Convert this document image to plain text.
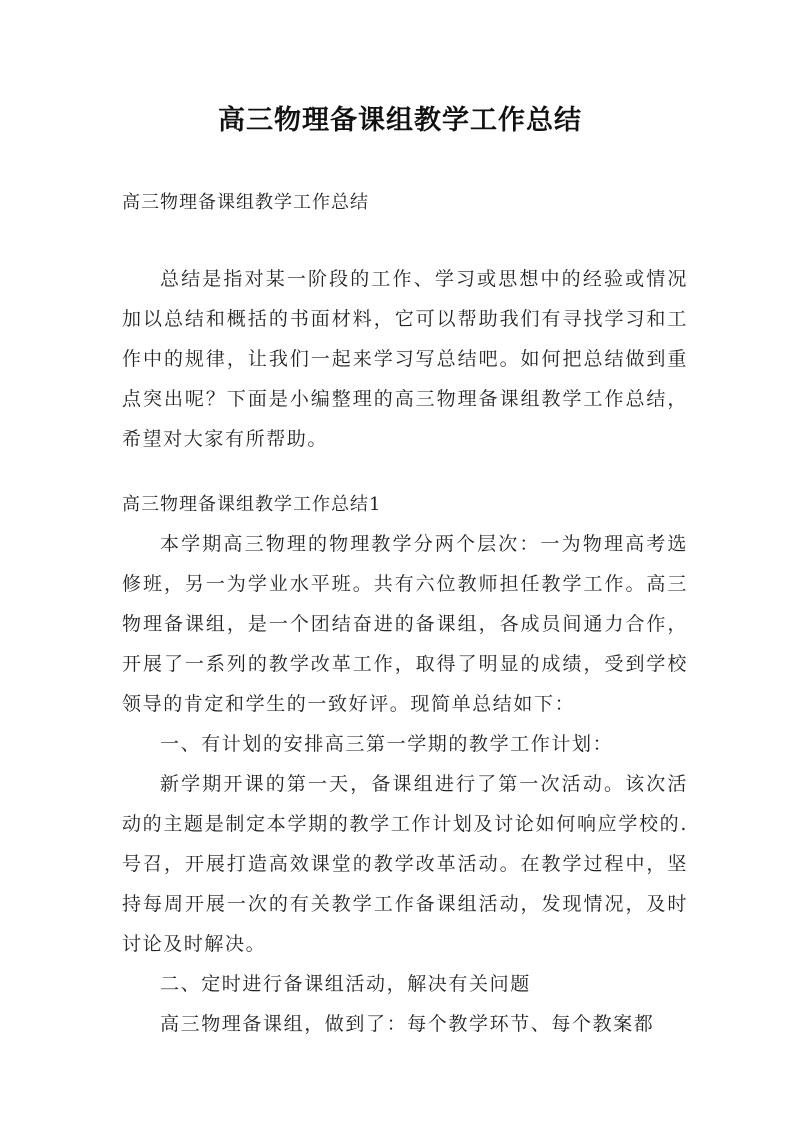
高三物理备课组教学工作总结
高三物理备课组教学工作总结

总结是指对某一阶段的工作、学习或思想中的经验或情况加以总结和概括的书面材料，它可以帮助我们有寻找学习和工作中的规律，让我们一起来学习写总结吧。如何把总结做到重点突出呢？下面是小编整理的高三物理备课组教学工作总结，希望对大家有所帮助。

高三物理备课组教学工作总结1

本学期高三物理的物理教学分两个层次：一为物理高考选修班，另一为学业水平班。共有六位教师担任教学工作。高三物理备课组，是一个团结奋进的备课组，各成员间通力合作，开展了一系列的教学改革工作，取得了明显的成绩，受到学校领导的肯定和学生的一致好评。现简单总结如下：

一、有计划的安排高三第一学期的教学工作计划：

新学期开课的第一天，备课组进行了第一次活动。该次活动的主题是制定本学期的教学工作计划及讨论如何响应学校的.号召，开展打造高效课堂的教学改革活动。在教学过程中，坚持每周开展一次的有关教学工作备课组活动，发现情况，及时讨论及时解决。

二、定时进行备课组活动，解决有关问题

高三物理备课组，做到了：每个教学环节、每个教案都
